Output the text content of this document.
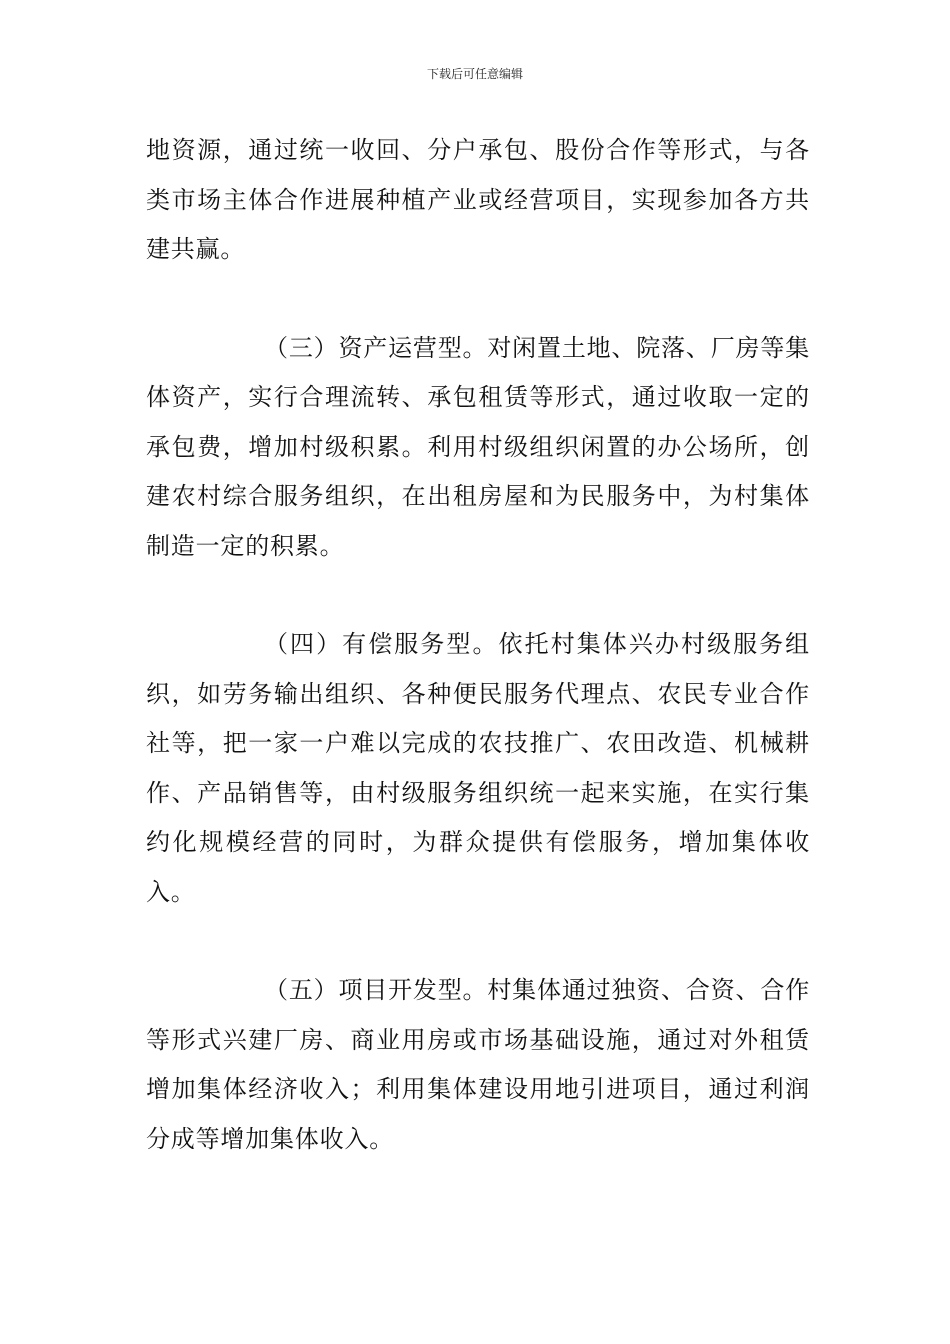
下载后可任意编辑

地资源，通过统一收回、分户承包、股份合作等形式，与各类市场主体合作进展种植产业或经营项目，实现参加各方共建共赢。

（三）资产运营型。对闲置土地、院落、厂房等集体资产，实行合理流转、承包租赁等形式，通过收取一定的承包费，增加村级积累。利用村级组织闲置的办公场所，创建农村综合服务组织，在出租房屋和为民服务中，为村集体制造一定的积累。

（四）有偿服务型。依托村集体兴办村级服务组织，如劳务输出组织、各种便民服务代理点、农民专业合作社等，把一家一户难以完成的农技推广、农田改造、机械耕作、产品销售等，由村级服务组织统一起来实施，在实行集约化规模经营的同时，为群众提供有偿服务，增加集体收入。

（五）项目开发型。村集体通过独资、合资、合作等形式兴建厂房、商业用房或市场基础设施，通过对外租赁增加集体经济收入；利用集体建设用地引进项目，通过利润分成等增加集体收入。
